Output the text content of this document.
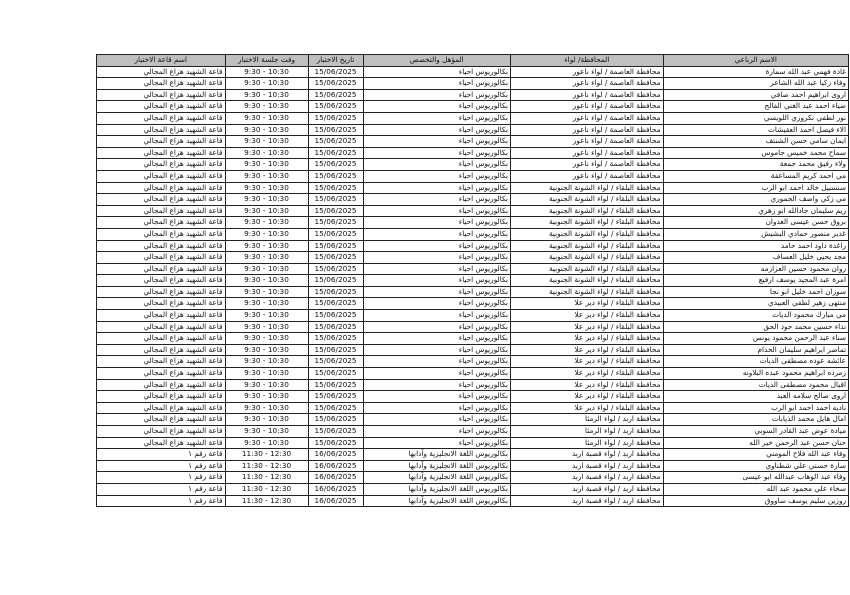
الاسم الرباعي	المحافظة/ لواء	المؤهل والتخصص	تاريخ الاختبار	وقت جلسة الاختبار	اسم قاعة الاختبار
غادة فهمي عبد الله سمارة	محافظة العاصمة / لواء ناعور	بكالوريوس احياء	15/06/2025	9:30 - 10:30	قاعة الشهيد هزاع المجالي
وفاء زكيا عبد الله الشاعر	محافظة العاصمة / لواء ناعور	بكالوريوس احياء	15/06/2025	9:30 - 10:30	قاعة الشهيد هزاع المجالي
اروى ابراهيم احمد صافي	محافظة العاصمة / لواء ناعور	بكالوريوس احياء	15/06/2025	9:30 - 10:30	قاعة الشهيد هزاع المجالي
ضياء احمد عبد الغني الفالح	محافظة العاصمة / لواء ناعور	بكالوريوس احياء	15/06/2025	9:30 - 10:30	قاعة الشهيد هزاع المجالي
نور لطفي نكروزي اللويسي	محافظة العاصمة / لواء ناعور	بكالوريوس احياء	15/06/2025	9:30 - 10:30	قاعة الشهيد هزاع المجالي
الاء فيصل احمد العقيشات	محافظة العاصمة / لواء ناعور	بكالوريوس احياء	15/06/2025	9:30 - 10:30	قاعة الشهيد هزاع المجالي
ايمان سامي حسن الشنتف	محافظة العاصمة / لواء ناعور	بكالوريوس احياء	15/06/2025	9:30 - 10:30	قاعة الشهيد هزاع المجالي
سماح محمد خميس جاموس	محافظة العاصمة / لواء ناعور	بكالوريوس احياء	15/06/2025	9:30 - 10:30	قاعة الشهيد هزاع المجالي
ولاء رفيق محمد جمعة	محافظة العاصمة / لواء ناعور	بكالوريوس احياء	15/06/2025	9:30 - 10:30	قاعة الشهيد هزاع المجالي
مي احمد كريم المساعفة	محافظة العاصمة / لواء ناعور	بكالوريوس احياء	15/06/2025	9:30 - 10:30	قاعة الشهيد هزاع المجالي
سنسبيل خالد احمد ابو الرب	محافظة البلقاء / لواء الشونة الجنوبية	بكالوريوس احياء	15/06/2025	9:30 - 10:30	قاعة الشهيد هزاع المجالي
مي زكي واصف الحموري	محافظة البلقاء / لواء الشونة الجنوبية	بكالوريوس احياء	15/06/2025	9:30 - 10:30	قاعة الشهيد هزاع المجالي
ريم سليمان جادالله ابو زهري	محافظة البلقاء / لواء الشونة الجنوبية	بكالوريوس احياء	15/06/2025	9:30 - 10:30	قاعة الشهيد هزاع المجالي
بروق حسن عيسى العدوان	محافظة البلقاء / لواء الشونة الجنوبية	بكالوريوس احياء	15/06/2025	9:30 - 10:30	قاعة الشهيد هزاع المجالي
غدير منصور حمادي البشيش	محافظة البلقاء / لواء الشونة الجنوبية	بكالوريوس احياء	15/06/2025	9:30 - 10:30	قاعة الشهيد هزاع المجالي
راغدة داود احمد حامد	محافظة البلقاء / لواء الشونة الجنوبية	بكالوريوس احياء	15/06/2025	9:30 - 10:30	قاعة الشهيد هزاع المجالي
مجد يحيى خليل العساف	محافظة البلقاء / لواء الشونة الجنوبية	بكالوريوس احياء	15/06/2025	9:30 - 10:30	قاعة الشهيد هزاع المجالي
روان محمود حسين العزازمه	محافظة البلقاء / لواء الشونة الجنوبية	بكالوريوس احياء	15/06/2025	9:30 - 10:30	قاعة الشهيد هزاع المجالي
امرة عبد المجيد يوسف ارفيع	محافظة البلقاء / لواء الشونة الجنوبية	بكالوريوس احياء	15/06/2025	9:30 - 10:30	قاعة الشهيد هزاع المجالي
سوزان احمد خليل ابو نجا	محافظة البلقاء / لواء الشونة الجنوبية	بكالوريوس احياء	15/06/2025	9:30 - 10:30	قاعة الشهيد هزاع المجالي
منتهى زهير لطفي العبيدي	محافظة البلقاء / لواء دير علا	بكالوريوس احياء	15/06/2025	9:30 - 10:30	قاعة الشهيد هزاع المجالي
مي مبارك محمود الديات	محافظة البلقاء / لواء دير علا	بكالوريوس احياء	15/06/2025	9:30 - 10:30	قاعة الشهيد هزاع المجالي
نداء حسين محمد جود الحق	محافظة البلقاء / لواء دير علا	بكالوريوس احياء	15/06/2025	9:30 - 10:30	قاعة الشهيد هزاع المجالي
سناء عبد الرحمن محمود يونس	محافظة البلقاء / لواء دير علا	بكالوريوس احياء	15/06/2025	9:30 - 10:30	قاعة الشهيد هزاع المجالي
تماضر ابراهيم سليمان الخدام	محافظة البلقاء / لواء دير علا	بكالوريوس احياء	15/06/2025	9:30 - 10:30	قاعة الشهيد هزاع المجالي
عائشه عوده مصطفى الديات	محافظة البلقاء / لواء دير علا	بكالوريوس احياء	15/06/2025	9:30 - 10:30	قاعة الشهيد هزاع المجالي
زمرده ابراهيم محمود عبده البلاونه	محافظة البلقاء / لواء دير علا	بكالوريوس احياء	15/06/2025	9:30 - 10:30	قاعة الشهيد هزاع المجالي
اقبال محمود مصطفى الديات	محافظة البلقاء / لواء دير علا	بكالوريوس احياء	15/06/2025	9:30 - 10:30	قاعة الشهيد هزاع المجالي
اروى صالح سلامه العبد	محافظة البلقاء / لواء دير علا	بكالوريوس احياء	15/06/2025	9:30 - 10:30	قاعة الشهيد هزاع المجالي
ناديه احمد احمد ابو الرب	محافظة البلقاء / لواء دير علا	بكالوريوس احياء	15/06/2025	9:30 - 10:30	قاعة الشهيد هزاع المجالي
امال هايل محمد الذيابات	محافظة اربد / لواء الرمثا	بكالوريوس احياء	15/06/2025	9:30 - 10:30	قاعة الشهيد هزاع المجالي
ميادة عوض عبد القادر السوبي	محافظة اربد / لواء الرمثا	بكالوريوس احياء	15/06/2025	9:30 - 10:30	قاعة الشهيد هزاع المجالي
حنان حسن عبد الرحمن خير الله	محافظة اربد / لواء الرمثا	بكالوريوس احياء	15/06/2025	9:30 - 10:30	قاعة الشهيد هزاع المجالي
وفاء عبد الله فلاح المومني	محافظة اربد / لواء قصبة اربد	بكالوريوس اللغة الانجليزية وآدابها	16/06/2025	11:30 - 12:30	قاعة رقم ١
سارة حسني علي شطناوي	محافظة اربد / لواء قصبة اربد	بكالوريوس اللغة الانجليزية وآدابها	16/06/2025	11:30 - 12:30	قاعة رقم ١
وفاء عبد الوهاب عبدالله ابو عيسى	محافظة اربد / لواء قصبة اربد	بكالوريوس اللغة الانجليزية وآدابها	16/06/2025	11:30 - 12:30	قاعة رقم ١
سخاء علي محمود عبد الله	محافظة اربد / لواء قصبة اربد	بكالوريوس اللغة الانجليزية وآدابها	16/06/2025	11:30 - 12:30	قاعة رقم ١
روزين سليم يوسف ساووق	محافظة اربد / لواء قصبة اربد	بكالوريوس اللغة الانجليزية وآدابها	16/06/2025	11:30 - 12:30	قاعة رقم ١
